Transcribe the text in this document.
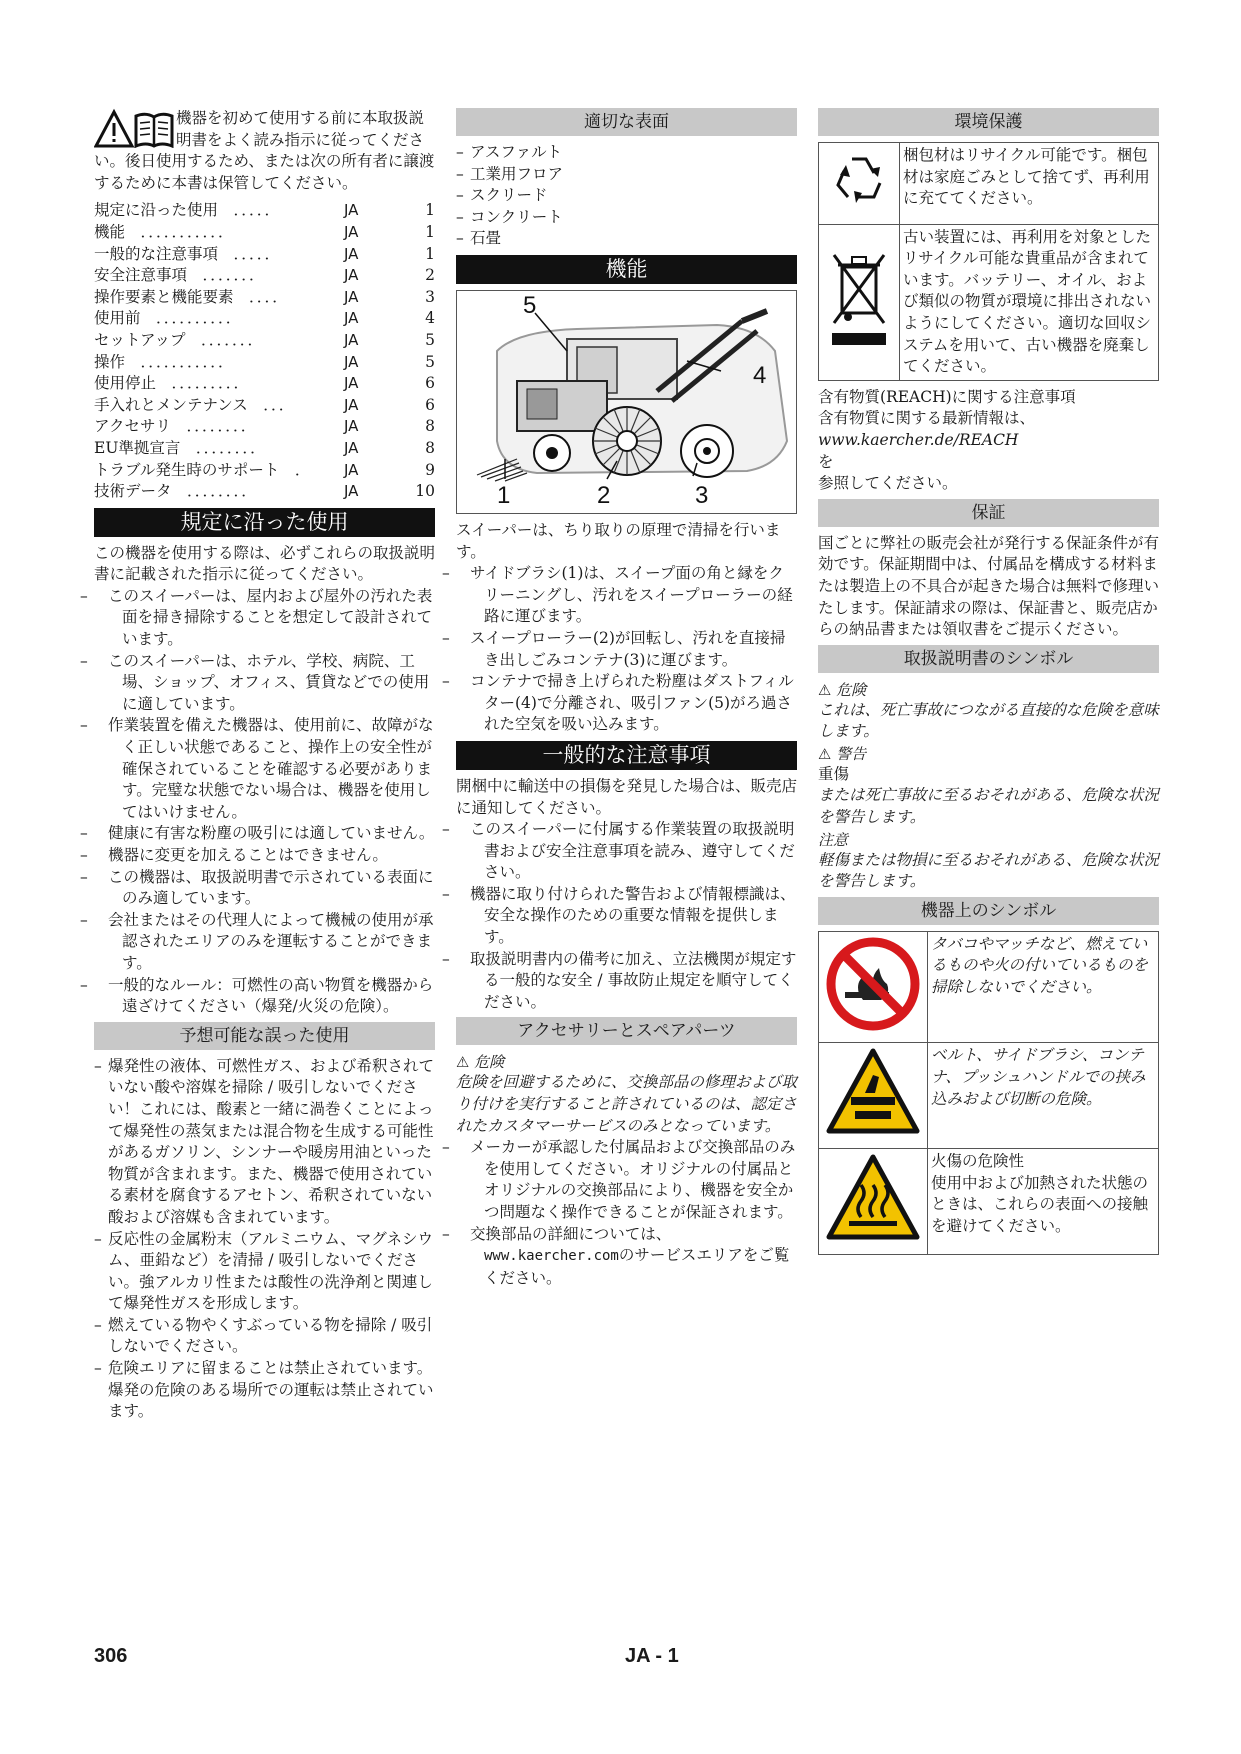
機器を初めて使用する前に本取扱説明書をよく読み指示に従ってください。後日使用するため、または次の所有者に譲渡するために本書は保管してください。
規定に沿った使用　．．．．．	JA	1
機能　．．．．．．．．．．．	JA	1
一般的な注意事項　．．．．．	JA	1
安全注意事項　．．．．．．．	JA	2
操作要素と機能要素　．．．．	JA	3
使用前　．．．．．．．．．．	JA	4
セットアップ　．．．．．．．	JA	5
操作　．．．．．．．．．．．	JA	5
使用停止　．．．．．．．．．	JA	6
手入れとメンテナンス　．．．	JA	6
アクセサリ　．．．．．．．．	JA	8
EU準拠宣言　．．．．．．．．	JA	8
トラブル発生時のサポート　．	JA	9
技術データ　．．．．．．．．	JA	10
規定に沿った使用
この機器を使用する際は、必ずこれらの取扱説明書に記載された指示に従ってください。
– このスイーパーは、屋内および屋外の汚れた表面を掃き掃除することを想定して設計されています。
– このスイーパーは、ホテル、学校、病院、工場、ショップ、オフィス、賃貸などでの使用に適しています。
– 作業装置を備えた機器は、使用前に、故障がなく正しい状態であること、操作上の安全性が確保されていることを確認する必要があります。完璧な状態でない場合は、機器を使用してはいけません。
– 健康に有害な粉塵の吸引には適していません。
– 機器に変更を加えることはできません。
– この機器は、取扱説明書で示されている表面にのみ適しています。
– 会社またはその代理人によって機械の使用が承認されたエリアのみを運転することができます。
– 一般的なルール：可燃性の高い物質を機器から遠ざけてください（爆発/火災の危険）。
予想可能な誤った使用
– 爆発性の液体、可燃性ガス、および希釈されていない酸や溶媒を掃除 / 吸引しないでください！これには、酸素と一緒に渦巻くことによって爆発性の蒸気または混合物を生成する可能性があるガソリン、シンナーや暖房用油といった物質が含まれます。また、機器で使用されている素材を腐食するアセトン、希釈されていない酸および溶媒も含まれています。
– 反応性の金属粉末（アルミニウム、マグネシウム、亜鉛など）を清掃 / 吸引しないでください。強アルカリ性または酸性の洗浄剤と関連して爆発性ガスを形成します。
– 燃えている物やくすぶっている物を掃除 / 吸引しないでください。
– 危険エリアに留まることは禁止されています。爆発の危険のある場所での運転は禁止されています。
適切な表面
– アスファルト
– 工業用フロア
– スクリード
– コンクリート
– 石畳
機能
1	2	3
4
5
スイーパーは、ちり取りの原理で清掃を行います。
– サイドブラシ(1)は、スイープ面の角と縁をクリーニングし、汚れをスイープローラーの経路に運びます。
– スイープローラー(2)が回転し、汚れを直接掃き出しごみコンテナ(3)に運びます。
– コンテナで掃き上げられた粉塵はダストフィルター(4)で分離され、吸引ファン(5)がろ過された空気を吸い込みます。
一般的な注意事項
開梱中に輸送中の損傷を発見した場合は、販売店に通知してください。
– このスイーパーに付属する作業装置の取扱説明書および安全注意事項を読み、遵守してください。
– 機器に取り付けられた警告および情報標識は、安全な操作のための重要な情報を提供します。
– 取扱説明書内の備考に加え、立法機関が規定する一般的な安全 / 事故防止規定を順守してください。
アクセサリーとスペアパーツ
⚠ 危険
危険を回避するために、交換部品の修理および取り付けを実行すること許されているのは、認定されたカスタマーサービスのみとなっています。
– メーカーが承認した付属品および交換部品のみを使用してください。オリジナルの付属品とオリジナルの交換部品により、機器を安全かつ問題なく操作できることが保証されます。
– 交換部品の詳細については、
www.kaercher.comのサービスエリアをご覧ください。
環境保護
	梱包材はリサイクル可能です。梱包材は家庭ごみとして捨てず、再利用に充ててください。
	古い装置には、再利用を対象としたリサイクル可能な貴重品が含まれています。バッテリー、オイル、および類似の物質が環境に排出されないようにしてください。適切な回収システムを用いて、古い機器を廃棄してください。
含有物質(REACH)に関する注意事項
含有物質に関する最新情報は、
www.kaercher.de/REACH
を
参照してください。
保証
国ごとに弊社の販売会社が発行する保証条件が有効です。保証期間中は、付属品を構成する材料または製造上の不具合が起きた場合は無料で修理いたします。保証請求の際は、保証書と、販売店からの納品書または領収書をご提示ください。
取扱説明書のシンボル
⚠ 危険
これは、死亡事故につながる直接的な危険を意味します。
⚠ 警告
重傷
または死亡事故に至るおそれがある、危険な状況を警告します。
注意
軽傷または物損に至るおそれがある、危険な状況を警告します。
機器上のシンボル
	タバコやマッチなど、燃えているものや火の付いているものを掃除しないでください。
	ベルト、サイドブラシ、コンテナ、プッシュハンドルでの挟み込みおよび切断の危険。

火傷の危険性
使用中および加熱された状態のときは、これらの表面への接触を避けてください。
306	JA - 1
